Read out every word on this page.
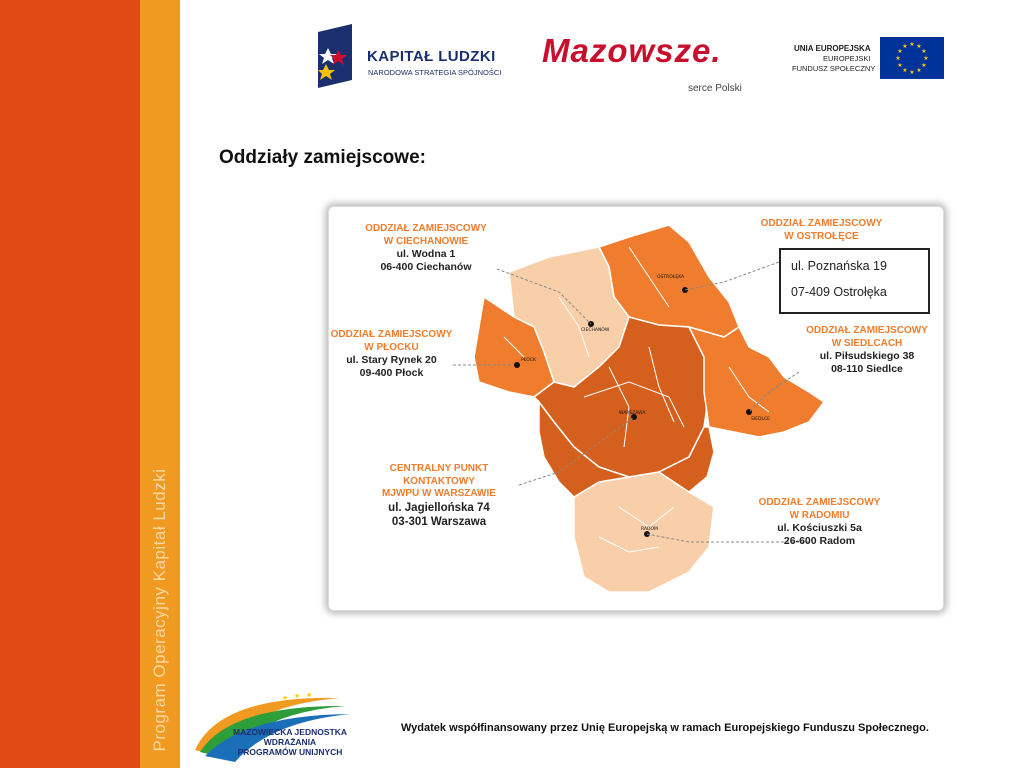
Program Operacyjny Kapitał Ludzki
KAPITAŁ LUDZKI
NARODOWA STRATEGIA SPÓJNOŚCI
Mazowsze.
serce Polski
UNIA EUROPEJSKA
EUROPEJSKI
FUNDUSZ SPOŁECZNY
★ ★
★
★
★
★
★
★
★
★
★
★
Oddziały zamiejscowe:
OSTROŁĘKA
CIECHANÓW
PŁOCK
WARSZAWA
SIEDLCE
RADOM
ODDZIAŁ ZAMIEJSCOWY
W CIECHANOWIE
ul. Wodna 1
06-400 Ciechanów
ODDZIAŁ ZAMIEJSCOWY
W PŁOCKU
ul. Stary Rynek 20
09-400 Płock
CENTRALNY PUNKT KONTAKTOWY
MJWPU W WARSZAWIE
ul. Jagiellońska 74
03-301 Warszawa
ODDZIAŁ ZAMIEJSCOWY
W OSTROŁĘCE
ul. Poznańska 19
07-409 Ostrołęka
ODDZIAŁ ZAMIEJSCOWY
W SIEDLCACH
ul. Piłsudskiego 38
08-110 Siedlce
ODDZIAŁ ZAMIEJSCOWY
W RADOMIU
ul. Kościuszki 5a
26-600 Radom
★ ★ ★
MAZOWIECKA JEDNOSTKA
WDRAŻANIA
PROGRAMÓW UNIJNYCH
Wydatek współfinansowany przez Unię Europejską w ramach Europejskiego Funduszu Społecznego.
